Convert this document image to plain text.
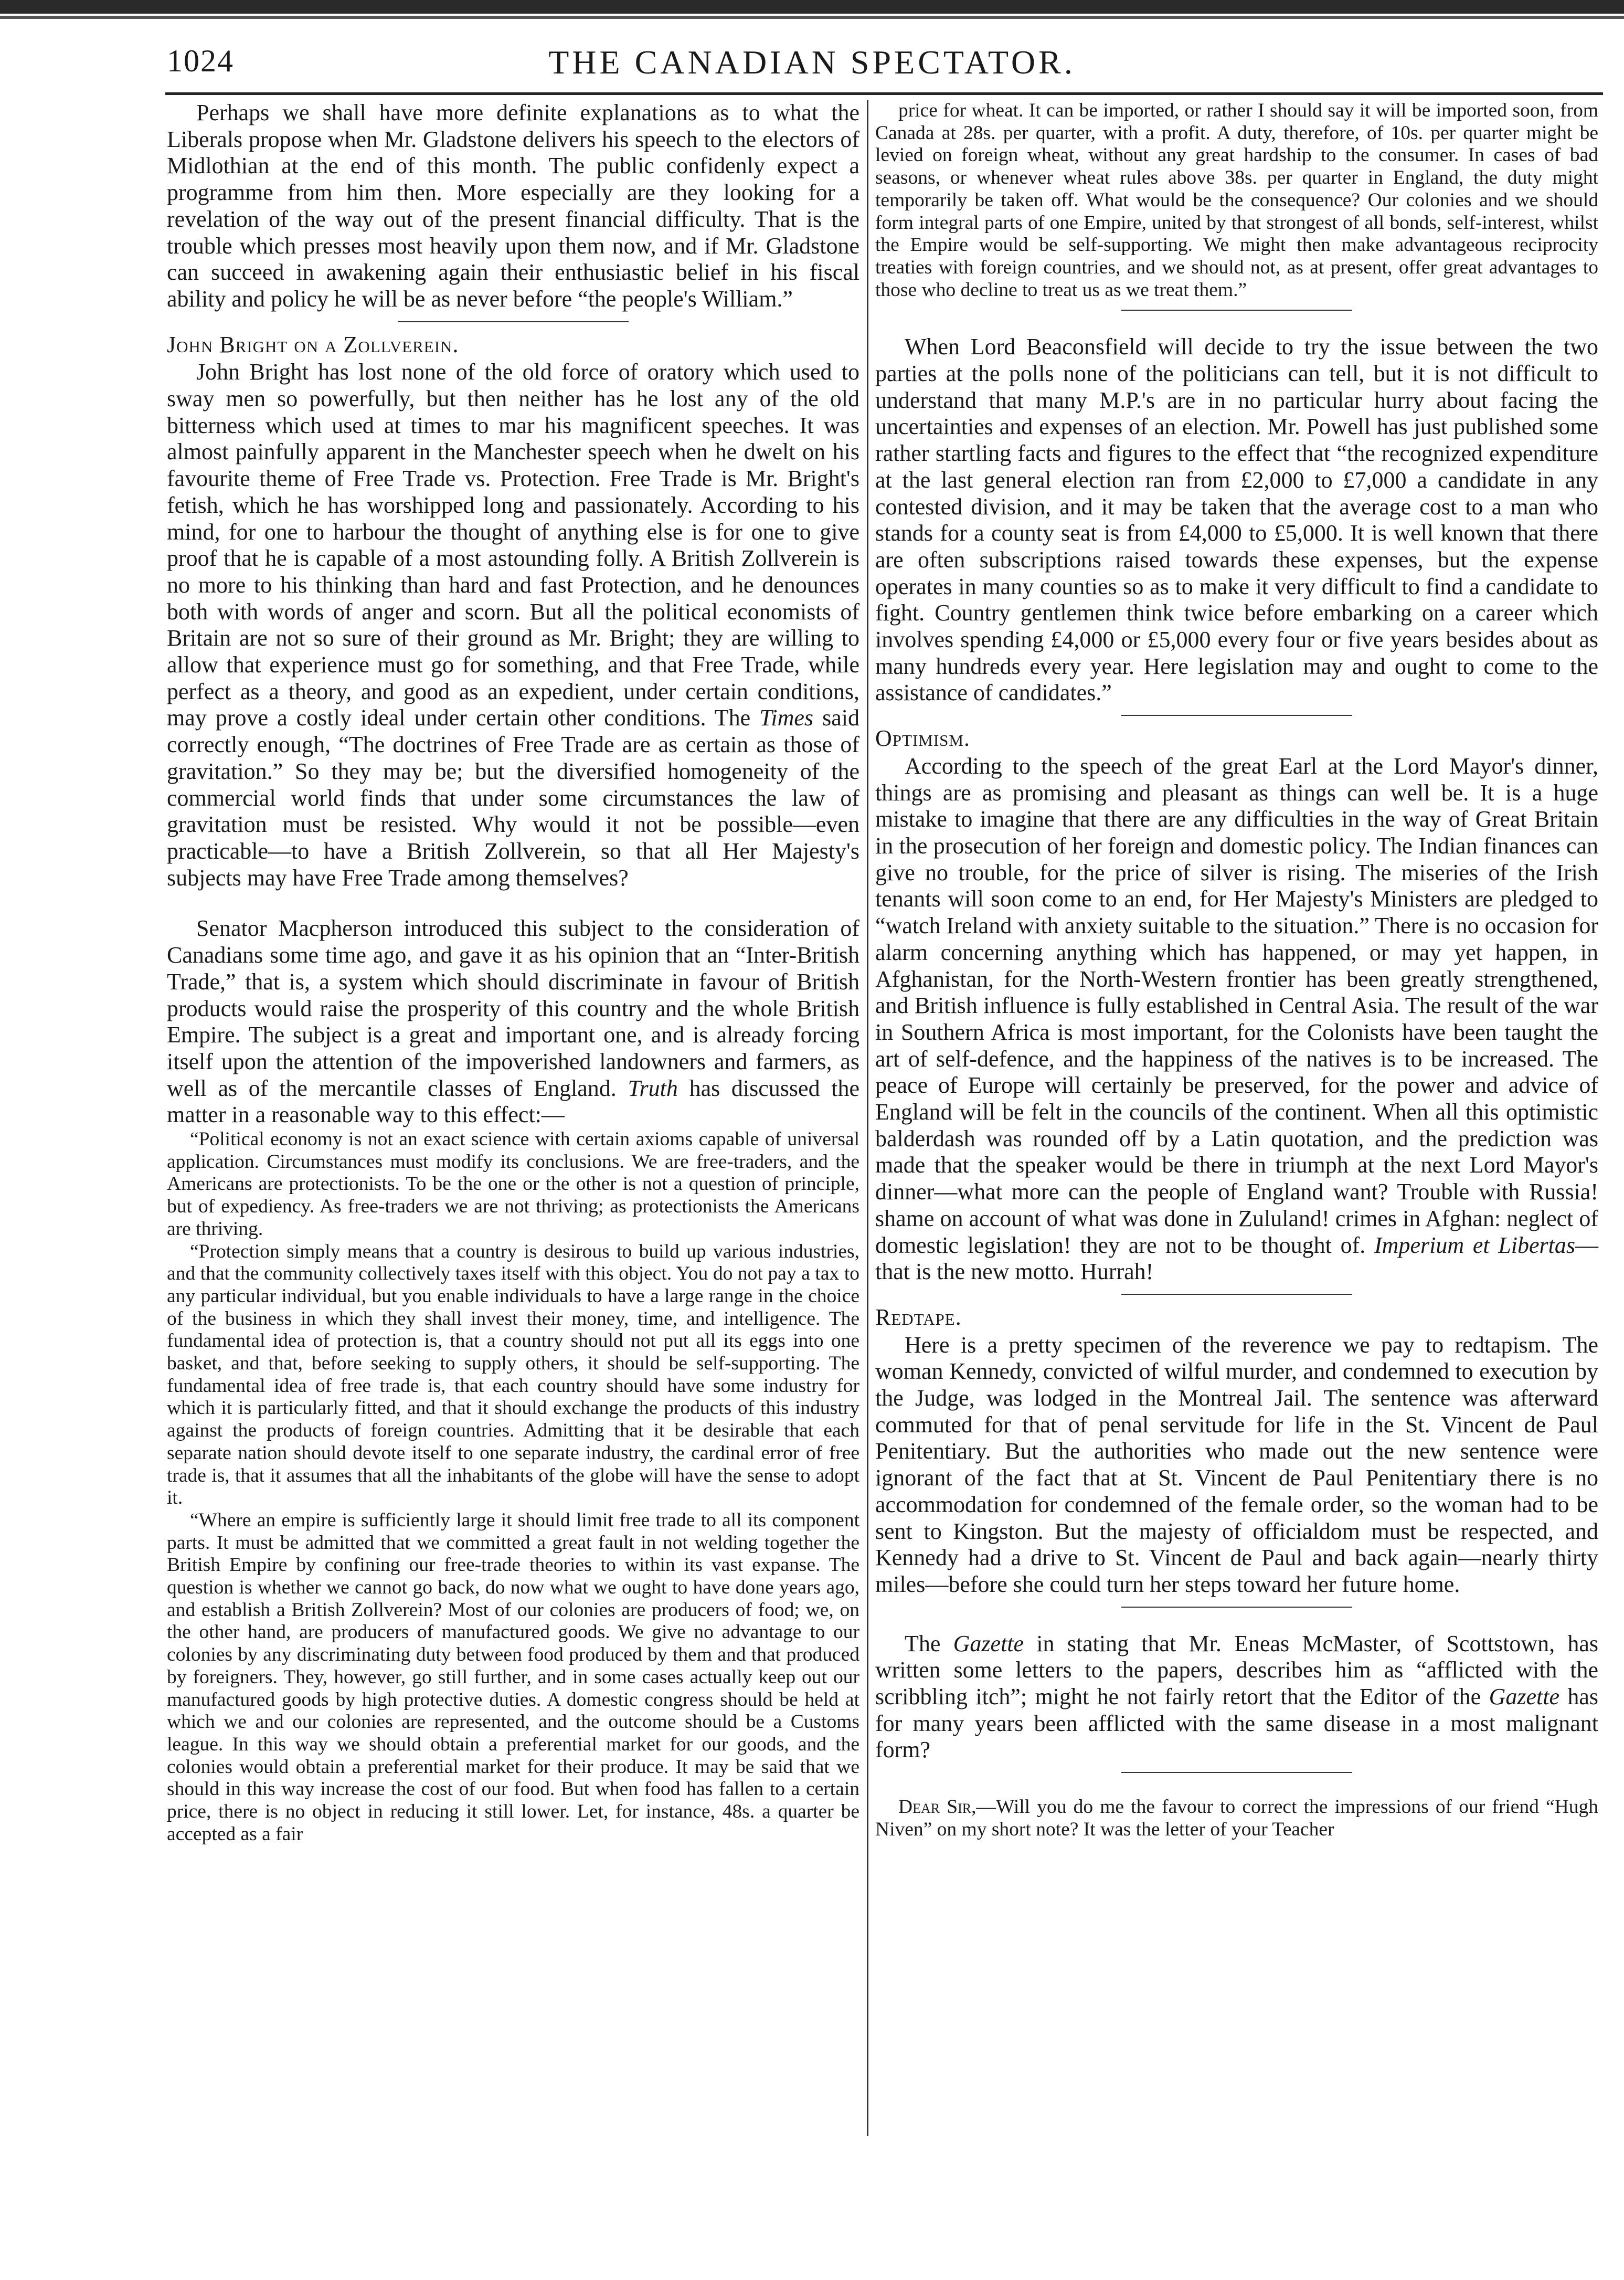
1024	THE CANADIAN SPECTATOR.

Perhaps we shall have more definite explanations as to what the Liberals propose when Mr. Gladstone delivers his speech to the electors of Midlothian at the end of this month. The public confidenly expect a programme from him then. More especially are they looking for a revelation of the way out of the present financial difficulty. That is the trouble which presses most heavily upon them now, and if Mr. Gladstone can succeed in awakening again their enthusiastic belief in his fiscal ability and policy he will be as never before “the people's William.”

John Bright on a Zollverein.

John Bright has lost none of the old force of oratory which used to sway men so powerfully, but then neither has he lost any of the old bitterness which used at times to mar his magnificent speeches. It was almost painfully apparent in the Manchester speech when he dwelt on his favourite theme of Free Trade vs. Protection. Free Trade is Mr. Bright's fetish, which he has worshipped long and passionately. According to his mind, for one to harbour the thought of anything else is for one to give proof that he is capable of a most astounding folly. A British Zollverein is no more to his thinking than hard and fast Protection, and he denounces both with words of anger and scorn. But all the political economists of Britain are not so sure of their ground as Mr. Bright; they are willing to allow that experience must go for something, and that Free Trade, while perfect as a theory, and good as an expedient, under certain conditions, may prove a costly ideal under certain other conditions. The Times said correctly enough, “The doctrines of Free Trade are as certain as those of gravitation.” So they may be; but the diversified homogeneity of the commercial world finds that under some circumstances the law of gravitation must be resisted. Why would it not be possible—even practicable—to have a British Zollverein, so that all Her Majesty's subjects may have Free Trade among themselves?

Senator Macpherson introduced this subject to the consideration of Canadians some time ago, and gave it as his opinion that an “Inter-British Trade,” that is, a system which should discriminate in favour of British products would raise the prosperity of this country and the whole British Empire. The subject is a great and important one, and is already forcing itself upon the attention of the impoverished landowners and farmers, as well as of the mercantile classes of England. Truth has discussed the matter in a reasonable way to this effect:—

“Political economy is not an exact science with certain axioms capable of universal application. Circumstances must modify its conclusions. We are free-traders, and the Americans are protectionists. To be the one or the other is not a question of principle, but of expediency. As free-traders we are not thriving; as protectionists the Americans are thriving.

“Protection simply means that a country is desirous to build up various industries, and that the community collectively taxes itself with this object. You do not pay a tax to any particular individual, but you enable individuals to have a large range in the choice of the business in which they shall invest their money, time, and intelligence. The fundamental idea of protection is, that a country should not put all its eggs into one basket, and that, before seeking to supply others, it should be self-supporting. The fundamental idea of free trade is, that each country should have some industry for which it is particularly fitted, and that it should exchange the products of this industry against the products of foreign countries. Admitting that it be desirable that each separate nation should devote itself to one separate industry, the cardinal error of free trade is, that it assumes that all the inhabitants of the globe will have the sense to adopt it.

“Where an empire is sufficiently large it should limit free trade to all its component parts. It must be admitted that we committed a great fault in not welding together the British Empire by confining our free-trade theories to within its vast expanse. The question is whether we cannot go back, do now what we ought to have done years ago, and establish a British Zollverein? Most of our colonies are producers of food; we, on the other hand, are producers of manufactured goods. We give no advantage to our colonies by any discriminating duty between food produced by them and that produced by foreigners. They, however, go still further, and in some cases actually keep out our manufactured goods by high protective duties. A domestic congress should be held at which we and our colonies are represented, and the outcome should be a Customs league. In this way we should obtain a preferential market for our goods, and the colonies would obtain a preferential market for their produce. It may be said that we should in this way increase the cost of our food. But when food has fallen to a certain price, there is no object in reducing it still lower. Let, for instance, 48s. a quarter be accepted as a fair

price for wheat. It can be imported, or rather I should say it will be imported soon, from Canada at 28s. per quarter, with a profit. A duty, therefore, of 10s. per quarter might be levied on foreign wheat, without any great hardship to the consumer. In cases of bad seasons, or whenever wheat rules above 38s. per quarter in England, the duty might temporarily be taken off. What would be the consequence? Our colonies and we should form integral parts of one Empire, united by that strongest of all bonds, self-interest, whilst the Empire would be self-supporting. We might then make advantageous reciprocity treaties with foreign countries, and we should not, as at present, offer great advantages to those who decline to treat us as we treat them.”

When Lord Beaconsfield will decide to try the issue between the two parties at the polls none of the politicians can tell, but it is not difficult to understand that many M.P.'s are in no particular hurry about facing the uncertainties and expenses of an election. Mr. Powell has just published some rather startling facts and figures to the effect that “the recognized expenditure at the last general election ran from £2,000 to £7,000 a candidate in any contested division, and it may be taken that the average cost to a man who stands for a county seat is from £4,000 to £5,000. It is well known that there are often subscriptions raised towards these expenses, but the expense operates in many counties so as to make it very difficult to find a candidate to fight. Country gentlemen think twice before embarking on a career which involves spending £4,000 or £5,000 every four or five years besides about as many hundreds every year. Here legislation may and ought to come to the assistance of candidates.”

Optimism.

According to the speech of the great Earl at the Lord Mayor's dinner, things are as promising and pleasant as things can well be. It is a huge mistake to imagine that there are any difficulties in the way of Great Britain in the prosecution of her foreign and domestic policy. The Indian finances can give no trouble, for the price of silver is rising. The miseries of the Irish tenants will soon come to an end, for Her Majesty's Ministers are pledged to “watch Ireland with anxiety suitable to the situation.” There is no occasion for alarm concerning anything which has happened, or may yet happen, in Afghanistan, for the North-Western frontier has been greatly strengthened, and British influence is fully established in Central Asia. The result of the war in Southern Africa is most important, for the Colonists have been taught the art of self-defence, and the happiness of the natives is to be increased. The peace of Europe will certainly be preserved, for the power and advice of England will be felt in the councils of the continent. When all this optimistic balderdash was rounded off by a Latin quotation, and the prediction was made that the speaker would be there in triumph at the next Lord Mayor's dinner—what more can the people of England want? Trouble with Russia! shame on account of what was done in Zululand! crimes in Afghan: neglect of domestic legislation! they are not to be thought of. Imperium et Libertas—that is the new motto. Hurrah!

Redtape.

Here is a pretty specimen of the reverence we pay to redtapism. The woman Kennedy, convicted of wilful murder, and condemned to execution by the Judge, was lodged in the Montreal Jail. The sentence was afterward commuted for that of penal servitude for life in the St. Vincent de Paul Penitentiary. But the authorities who made out the new sentence were ignorant of the fact that at St. Vincent de Paul Penitentiary there is no accommodation for condemned of the female order, so the woman had to be sent to Kingston. But the majesty of officialdom must be respected, and Kennedy had a drive to St. Vincent de Paul and back again—nearly thirty miles—before she could turn her steps toward her future home.

The Gazette in stating that Mr. Eneas McMaster, of Scottstown, has written some letters to the papers, describes him as “afflicted with the scribbling itch”; might he not fairly retort that the Editor of the Gazette has for many years been afflicted with the same disease in a most malignant form?

Dear Sir,—Will you do me the favour to correct the impressions of our friend “Hugh Niven” on my short note? It was the letter of your Teacher
